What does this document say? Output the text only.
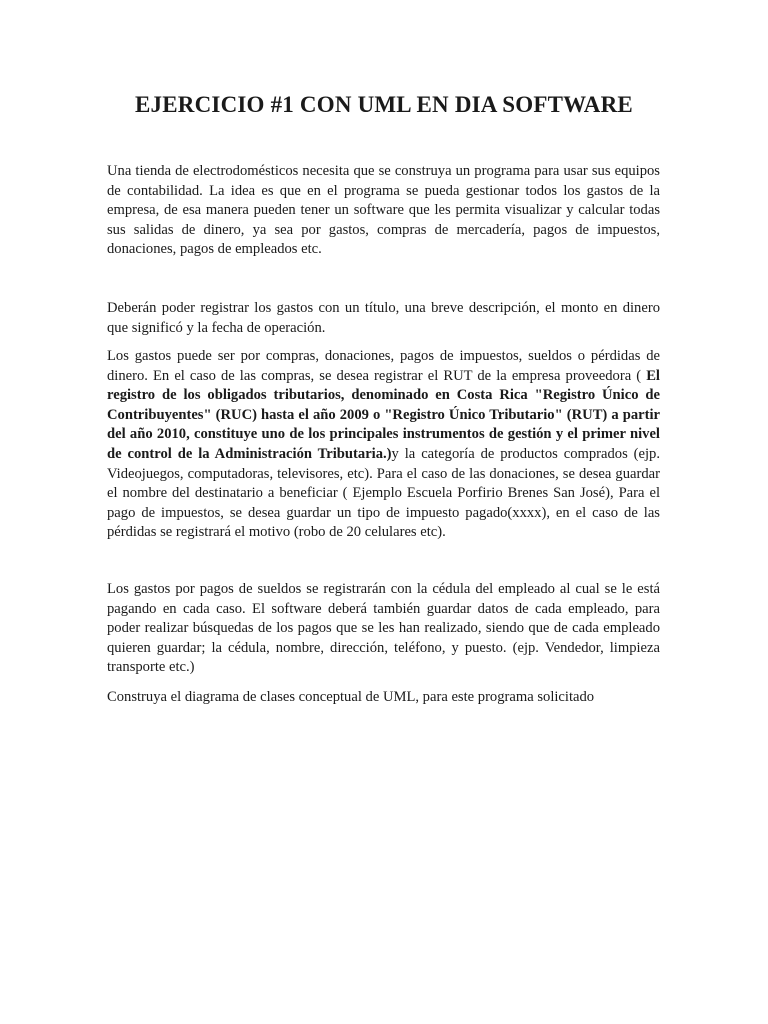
EJERCICIO #1 CON UML EN DIA SOFTWARE

Una tienda de electrodomésticos necesita que se construya un programa para usar sus equipos de contabilidad. La idea es que en el programa se pueda gestionar todos los gastos de la empresa, de esa manera pueden tener un software que les permita visualizar y calcular todas sus salidas de dinero, ya sea por gastos, compras de mercadería, pagos de impuestos, donaciones, pagos de empleados etc.

Deberán poder registrar los gastos con un título, una breve descripción, el monto en dinero que significó y la fecha de operación.

Los gastos puede ser por compras, donaciones, pagos de impuestos, sueldos o pérdidas de dinero. En el caso de las compras, se desea registrar el RUT de la empresa proveedora ( El registro de los obligados tributarios, denominado en Costa Rica "Registro Único de Contribuyentes" (RUC) hasta el año 2009 o "Registro Único Tributario" (RUT) a partir del año 2010, constituye uno de los principales instrumentos de gestión y el primer nivel de control de la Administración Tributaria.)y la categoría de productos comprados (ejp. Videojuegos, computadoras, televisores, etc). Para el caso de las donaciones, se desea guardar el nombre del destinatario a beneficiar ( Ejemplo Escuela Porfirio Brenes San José), Para el pago de impuestos, se desea guardar un tipo de impuesto pagado(xxxx), en el caso de las pérdidas se registrará el motivo (robo de 20 celulares etc).

Los gastos por pagos de sueldos se registrarán con la cédula del empleado al cual se le está pagando en cada caso. El software deberá también guardar datos de cada empleado, para poder realizar búsquedas de los pagos que se les han realizado, siendo que de cada empleado quieren guardar; la cédula, nombre, dirección, teléfono, y puesto. (ejp. Vendedor, limpieza transporte etc.)

Construya el diagrama de clases conceptual de UML, para este programa solicitado
